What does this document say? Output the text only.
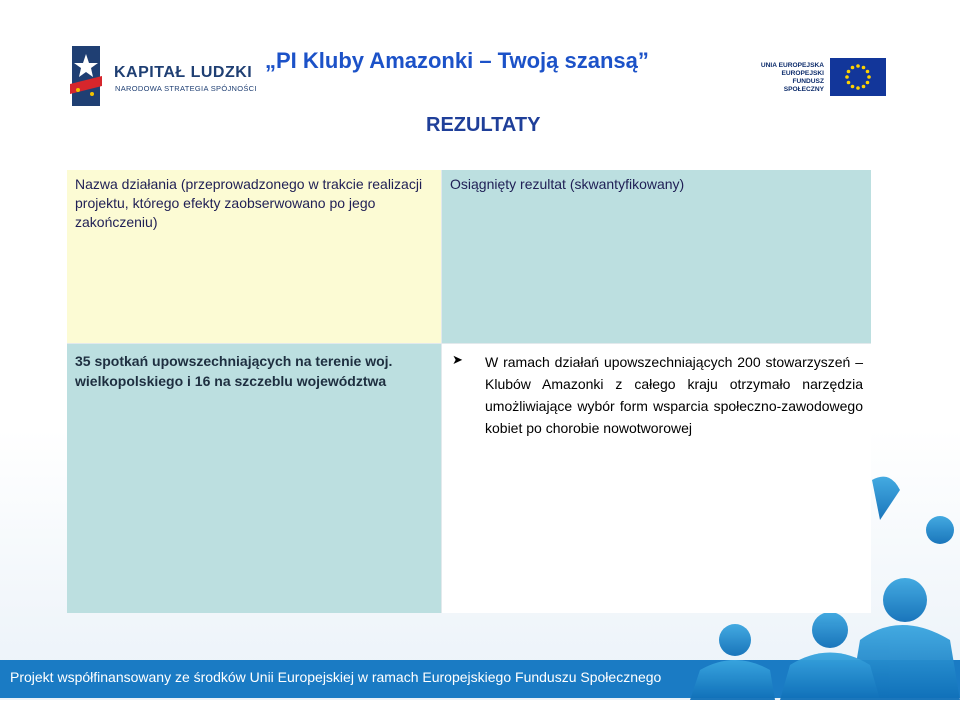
KAPITAŁ LUDZKI
NARODOWA STRATEGIA SPÓJNOŚCI
„PI Kluby Amazonki – Twoją szansą”	UNIA EUROPEJSKA
EUROPEJSKI
FUNDUSZ SPOŁECZNY
REZULTATY
Nazwa działania (przeprowadzonego w trakcie realizacji projektu, którego efekty zaobserwowano po jego zakończeniu)
Osiągnięty rezultat (skwantyfikowany)
35 spotkań upowszechniających na terenie woj. wielkopolskiego i 16 na szczeblu województwa
➤ W ramach działań upowszechniających 200 stowarzyszeń – Klubów Amazonki z całego kraju otrzymało narzędzia umożliwiające wybór form wsparcia społeczno-zawodowego kobiet po chorobie nowotworowej
Projekt współfinansowany ze środków Unii Europejskiej w ramach Europejskiego Funduszu Społecznego
